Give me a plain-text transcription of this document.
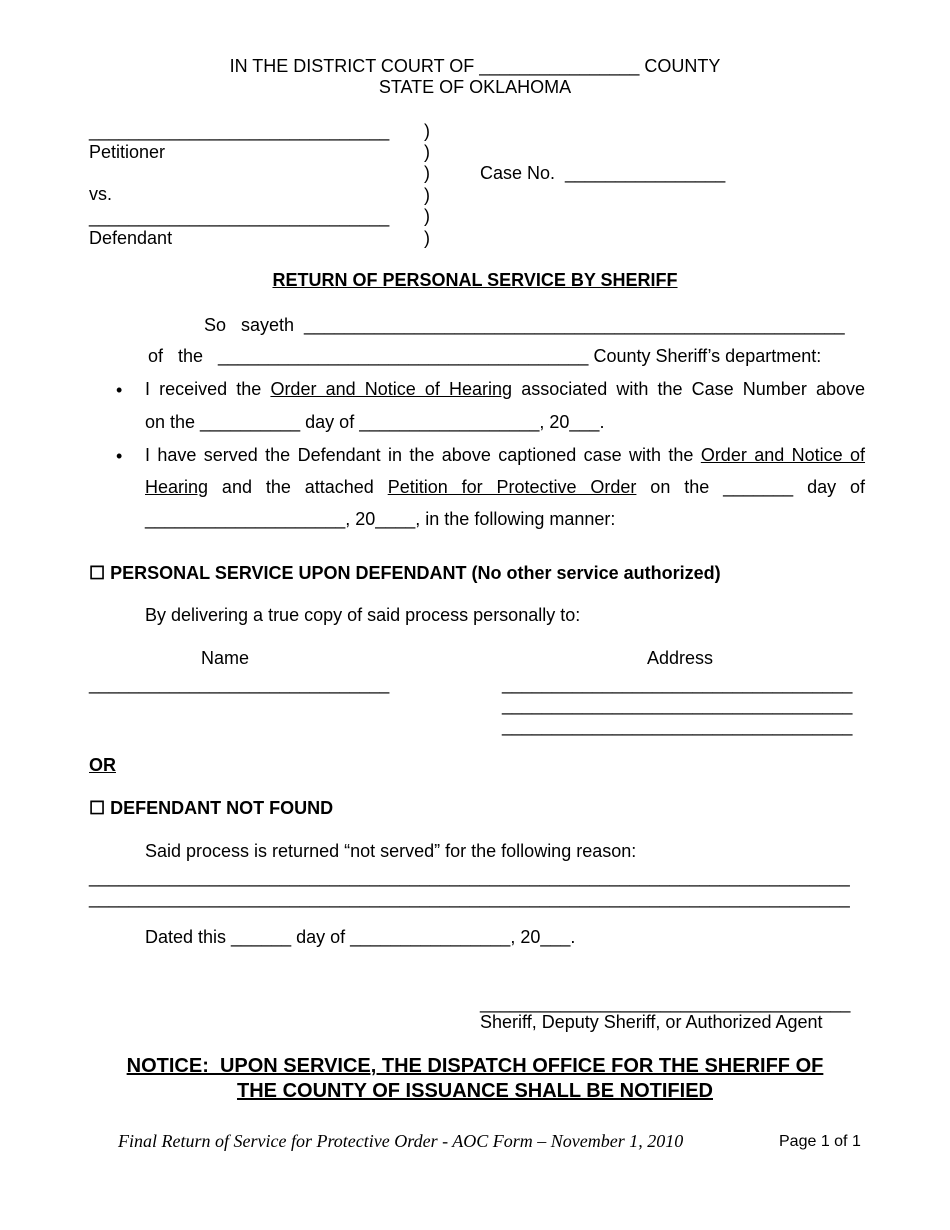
IN THE DISTRICT COURT OF ________________ COUNTY
STATE OF OKLAHOMA
______________________________
Petitioner
vs.
______________________________
Defendant
)
)
)
)
)
)
Case No.  ________________
RETURN OF PERSONAL SERVICE BY SHERIFF
So   sayeth  ______________________________________________________
of   the   _____________________________________ County Sheriff’s department:
• I received the Order and Notice of Hearing associated with the Case Number above
on the __________ day of __________________, 20___.
• I have served the Defendant in the above captioned case with the Order and Notice of
Hearing and the attached Petition for Protective Order on the _______ day of
____________________, 20____, in the following manner:
☐ PERSONAL SERVICE UPON DEFENDANT (No other service authorized)
By delivering a true copy of said process personally to:
Name	Address
______________________________	___________________________________
___________________________________
___________________________________
OR
☐ DEFENDANT NOT FOUND
Said process is returned “not served” for the following reason:
____________________________________________________________________________
____________________________________________________________________________
Dated this ______ day of ________________, 20___.
_____________________________________
Sheriff, Deputy Sheriff, or Authorized Agent
NOTICE:  UPON SERVICE, THE DISPATCH OFFICE FOR THE SHERIFF OF
THE COUNTY OF ISSUANCE SHALL BE NOTIFIED
Final Return of Service for Protective Order - AOC Form – November 1, 2010	Page 1 of 1
